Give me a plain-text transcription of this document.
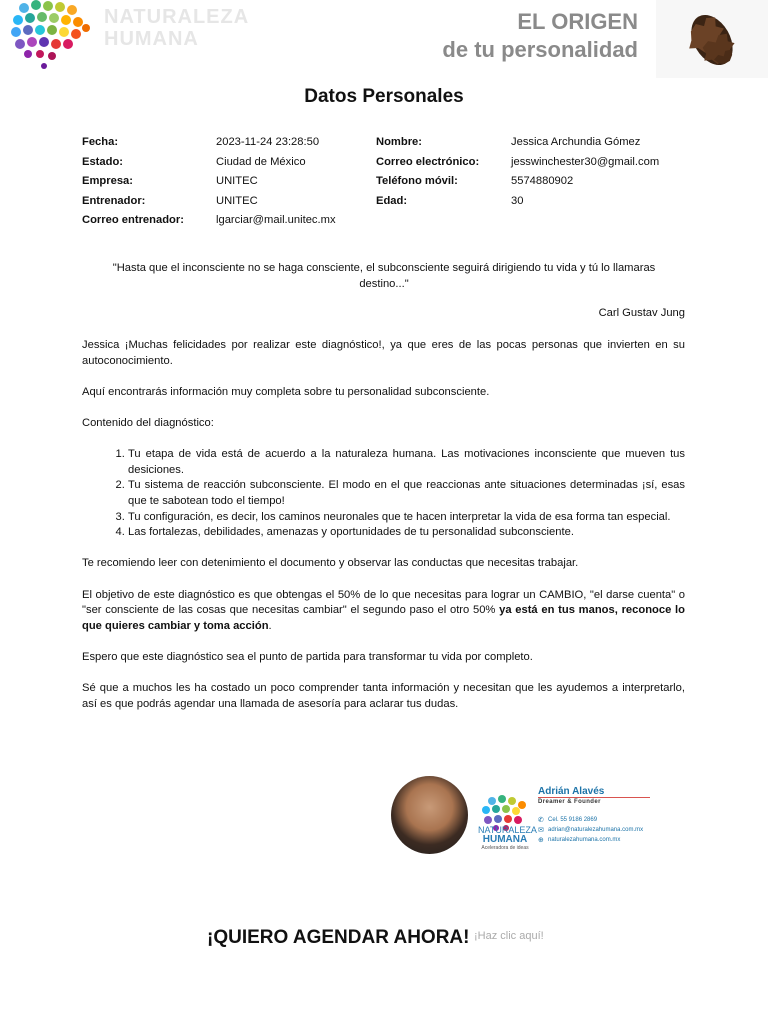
NATURALEZA
HUMANA
EL ORIGEN
de tu personalidad
Datos Personales
Fecha:	2023-11-24 23:28:50	Nombre:	Jessica Archundia Gómez
Estado:	Ciudad de México	Correo electrónico:	jesswinchester30@gmail.com
Empresa:	UNITEC	Teléfono móvil:	5574880902
Entrenador:	UNITEC	Edad:	30
Correo entrenador:	lgarciar@mail.unitec.mx
"Hasta que el inconsciente no se haga consciente, el subconsciente seguirá dirigiendo tu vida y tú lo llamaras destino..."
Carl Gustav Jung

Jessica ¡Muchas felicidades por realizar este diagnóstico!, ya que eres de las pocas personas que invierten en su autoconocimiento.

Aquí encontrarás información muy completa sobre tu personalidad subconsciente.

Contenido del diagnóstico:

1. Tu etapa de vida está de acuerdo a la naturaleza humana. Las motivaciones inconsciente que mueven tus desiciones.
2. Tu sistema de reacción subconsciente. El modo en el que reaccionas ante situaciones determinadas ¡sí, esas que te sabotean todo el tiempo!
3. Tu configuración, es decir, los caminos neuronales que te hacen interpretar la vida de esa forma tan especial.
4. Las fortalezas, debilidades, amenazas y oportunidades de tu personalidad subconsciente.

Te recomiendo leer con detenimiento el documento y observar las conductas que necesitas trabajar.

El objetivo de este diagnóstico es que obtengas el 50% de lo que necesitas para lograr un CAMBIO, "el darse cuenta" o "ser consciente de las cosas que necesitas cambiar" el segundo paso el otro 50% ya está en tus manos, reconoce lo que quieres cambiar y toma acción.

Espero que este diagnóstico sea el punto de partida para transformar tu vida por completo.

Sé que a muchos les ha costado un poco comprender tanta información y necesitan que les ayudemos a interpretarlo, así es que podrás agendar una llamada de asesoría para aclarar tus dudas.

NATURALEZA
HUMANA
Aceleradora de ideas
Adrián Alavés
Dreamer & Founder
✆ Cel. 55 9186 2869
✉ adrian@naturalezahumana.com.mx
⊕ naturalezahumana.com.mx
¡QUIERO AGENDAR AHORA! ¡Haz clic aquí!
